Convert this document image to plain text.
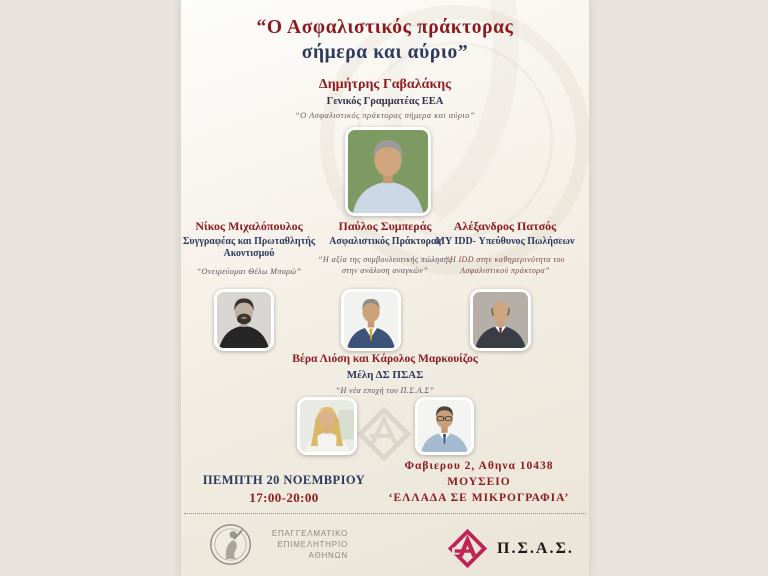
“Ο Ασφαλιστικός πράκτορας
σήμερα και αύριο”
Δημήτρης Γαβαλάκης
Γενικός Γραμματέας ΕΕΑ
“Ο Ασφαλιστικός πράκτορας σήμερα και αύριο”
Νίκος Μιχαλόπουλος
Συγγραφέας και Πρωταθλητής Ακοντισμού
“Ονειρεύομαι Θέλω Μπορώ”
Παύλος Συμπεράς
Ασφαλιστικός Πράκτορας
“Η αξία της συμβουλευτικής πώλησης στην ανάλυση αναγκών”
Αλέξανδρος Πατσός
MY IDD- Υπεύθυνος Πωλήσεων
“Η IDD στην καθημερινότητα του Ασφαλιστικού πράκτορα”
Βέρα Λιόση και Κάρολος Μαρκουίζος
Μέλη ΔΣ ΠΣΑΣ
“Η νέα εποχή του Π.Σ.Α.Σ”
ΠΕΜΠΤΗ 20 ΝΟΕΜΒΡΙΟΥ
17:00-20:00
Φαβιερου 2, Αθηνα 10438
ΜΟΥΣΕΙΟ
‘ΕΛΛΑΔΑ ΣΕ ΜΙΚΡΟΓΡΑΦΙΑ’
ΕΠΑΓΓΕΛΜΑΤΙΚΟ
ΕΠΙΜΕΛΗΤΗΡΙΟ
ΑΘΗΝΩΝ	Π.Σ.Α.Σ.
